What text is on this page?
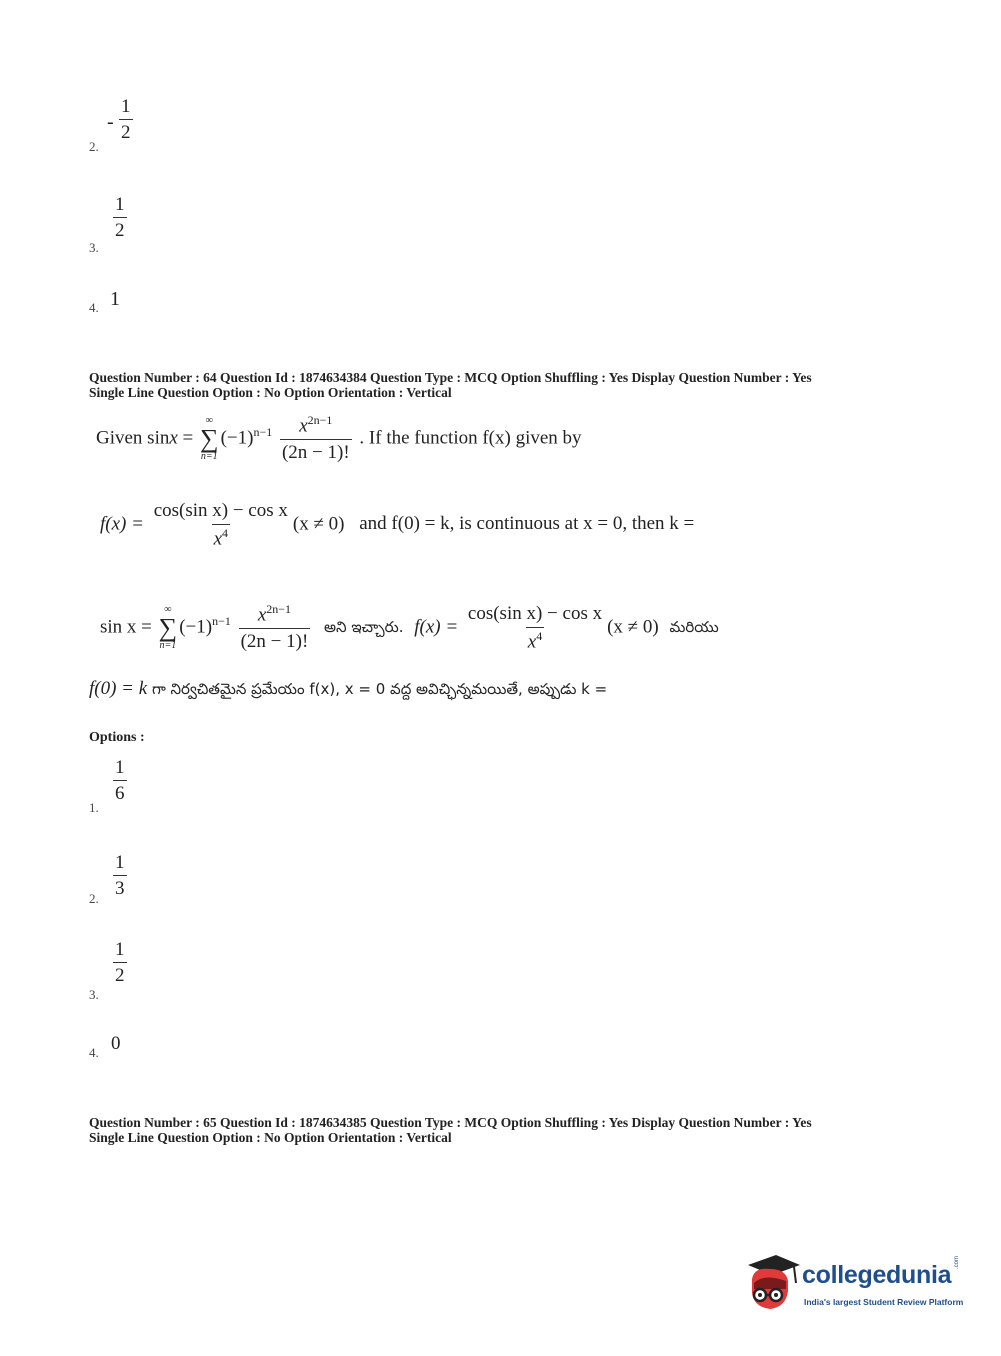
2.
- $\frac{1}{2}$
3.
$\frac{1}{2}$
4. 1
Question Number : 64 Question Id : 1874634384 Question Type : MCQ Option Shuffling : Yes Display Question Number : Yes
Single Line Question Option : No Option Orientation : Vertical
Given sinx =
∞
∑
n=1
$(-1)^{n-1} \frac{x^{2n-1}}{(2n - 1)!}$ . If the function f(x) given by
$f(x) = \frac{\text{cos(sin x) − cos x}}{x^4} (x \ne 0)$ and f(0) = k, is continuous at x = 0, then k =
sin x =
∞
∑
n=1
$(-1)^{n-1} \frac{x^{2n-1}}{(2n - 1)!}$ అని ఇచ్చారు. $f(x) = \frac{\text{cos(sin x) − cos x}}{x^4} (x \ne 0)$ మరియు
f(0) = k గా నిర్వచితమైన ప్రమేయం f(x), x = 0 వద్ద అవిచ్ఛిన్నమయితే, అప్పుడు k =
Options :
1.
$\frac{1}{6}$
2.
$\frac{1}{3}$
3.
$\frac{1}{2}$
4. 0
Question Number : 65 Question Id : 1874634385 Question Type : MCQ Option Shuffling : Yes Display Question Number : Yes
Single Line Question Option : No Option Orientation : Vertical
collegedunia .com
India's largest Student Review Platform
